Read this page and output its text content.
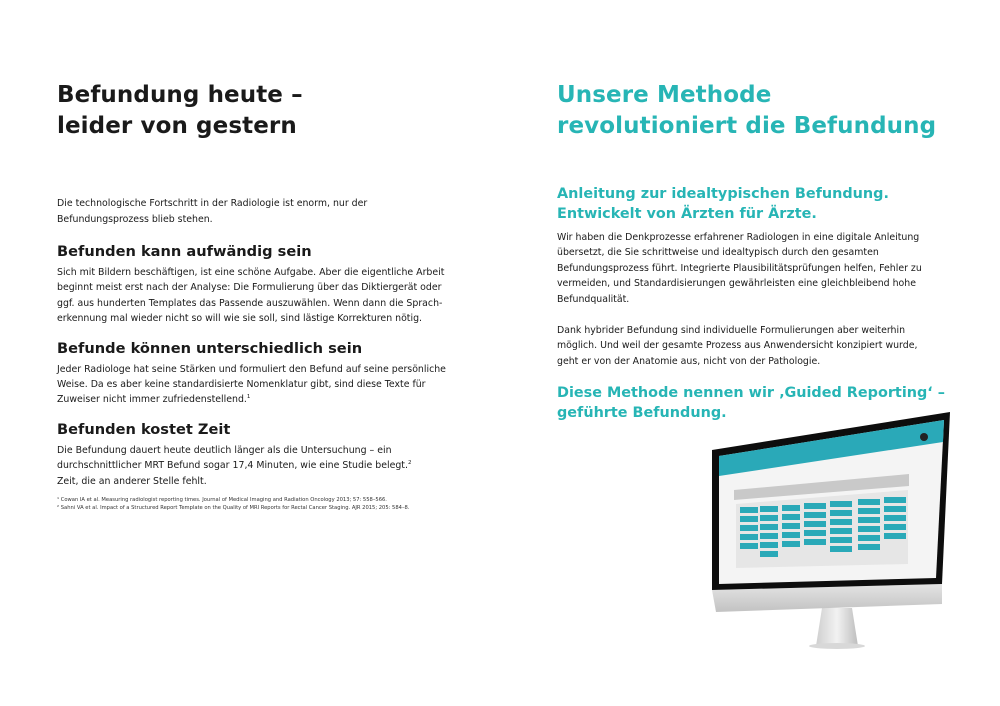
Befundung heute –
leider von gestern
Die technologische Fortschritt in der Radiologie ist enorm, nur der
Befundungsprozess blieb stehen.
Befunden kann aufwändig sein
Sich mit Bildern beschäftigen, ist eine schöne Aufgabe. Aber die eigentliche Arbeit
beginnt meist erst nach der Analyse: Die Formulierung über das Diktiergerät oder
ggf. aus hunderten Templates das Passende auszuwählen. Wenn dann die Sprach-
erkennung mal wieder nicht so will wie sie soll, sind lästige Korrekturen nötig.
Befunde können unterschiedlich sein
Jeder Radiologe hat seine Stärken und formuliert den Befund auf seine persönliche
Weise. Da es aber keine standardisierte Nomenklatur gibt, sind diese Texte für
Zuweiser nicht immer zufriedenstellend.$^1$
Befunden kostet Zeit
Die Befundung dauert heute deutlich länger als die Untersuchung – ein
durchschnittlicher MRT Befund sogar 17,4 Minuten, wie eine Studie belegt.$^2$
Zeit, die an anderer Stelle fehlt.
¹ Cowan IA et al. Measuring radiologist reporting times. Journal of Medical Imaging and Radiation Oncology 2013; 57: 558–566.
² Sahni VA et al. Impact of a Structured Report Template on the Quality of MRI Reports for Rectal Cancer Staging. AJR 2015; 205: 584–8.
Unsere Methode
revolutioniert die Befundung
Anleitung zur idealtypischen Befundung.
Entwickelt von Ärzten für Ärzte.
Wir haben die Denkprozesse erfahrener Radiologen in eine digitale Anleitung
übersetzt, die Sie schrittweise und idealtypisch durch den gesamten
Befundungsprozess führt. Integrierte Plausibilitätsprüfungen helfen, Fehler zu
vermeiden, und Standardisierungen gewährleisten eine gleichbleibend hohe
Befundqualität.
Dank hybrider Befundung sind individuelle Formulierungen aber weiterhin
möglich. Und weil der gesamte Prozess aus Anwendersicht konzipiert wurde,
geht er von der Anatomie aus, nicht von der Pathologie.
Diese Methode nennen wir ‚Guided Reporting‘ –
geführte Befundung.
